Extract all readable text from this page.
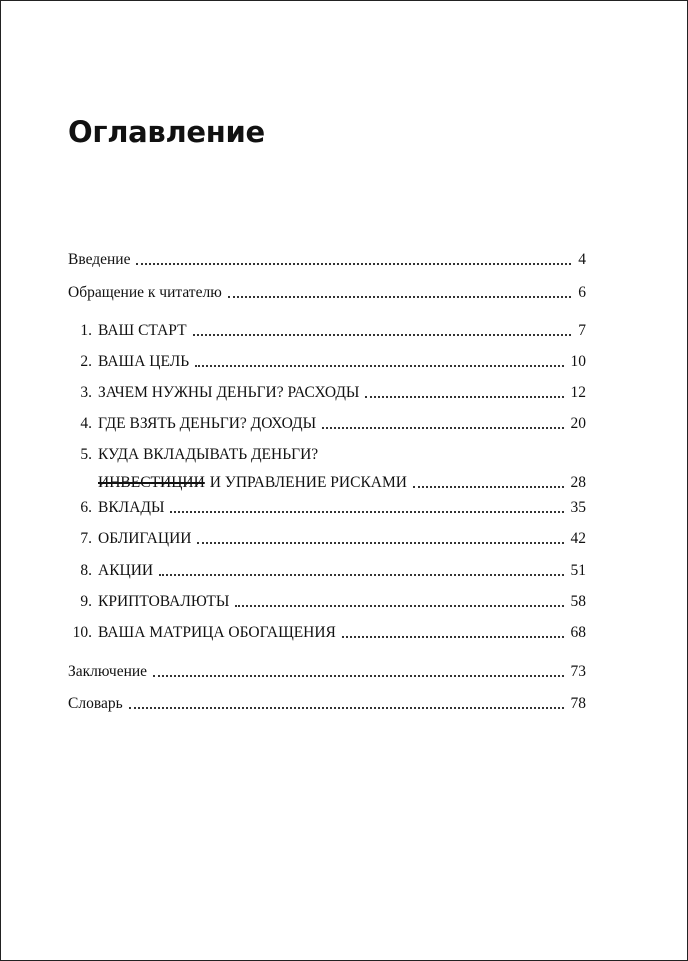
Оглавление
Введение	4
Обращение к читателю	6
1. ВАШ СТАРТ	7
2. ВАША ЦЕЛЬ	10
3. ЗАЧЕМ НУЖНЫ ДЕНЬГИ? РАСХОДЫ	12
4. ГДЕ ВЗЯТЬ ДЕНЬГИ? ДОХОДЫ	20
5. КУДА ВКЛАДЫВАТЬ ДЕНЬГИ?
ИНВЕСТИЦИИ И УПРАВЛЕНИЕ РИСКАМИ	28
6. ВКЛАДЫ	35
7. ОБЛИГАЦИИ	42
8. АКЦИИ	51
9. КРИПТОВАЛЮТЫ	58
10. ВАША МАТРИЦА ОБОГАЩЕНИЯ	68
Заключение	73
Словарь	78
